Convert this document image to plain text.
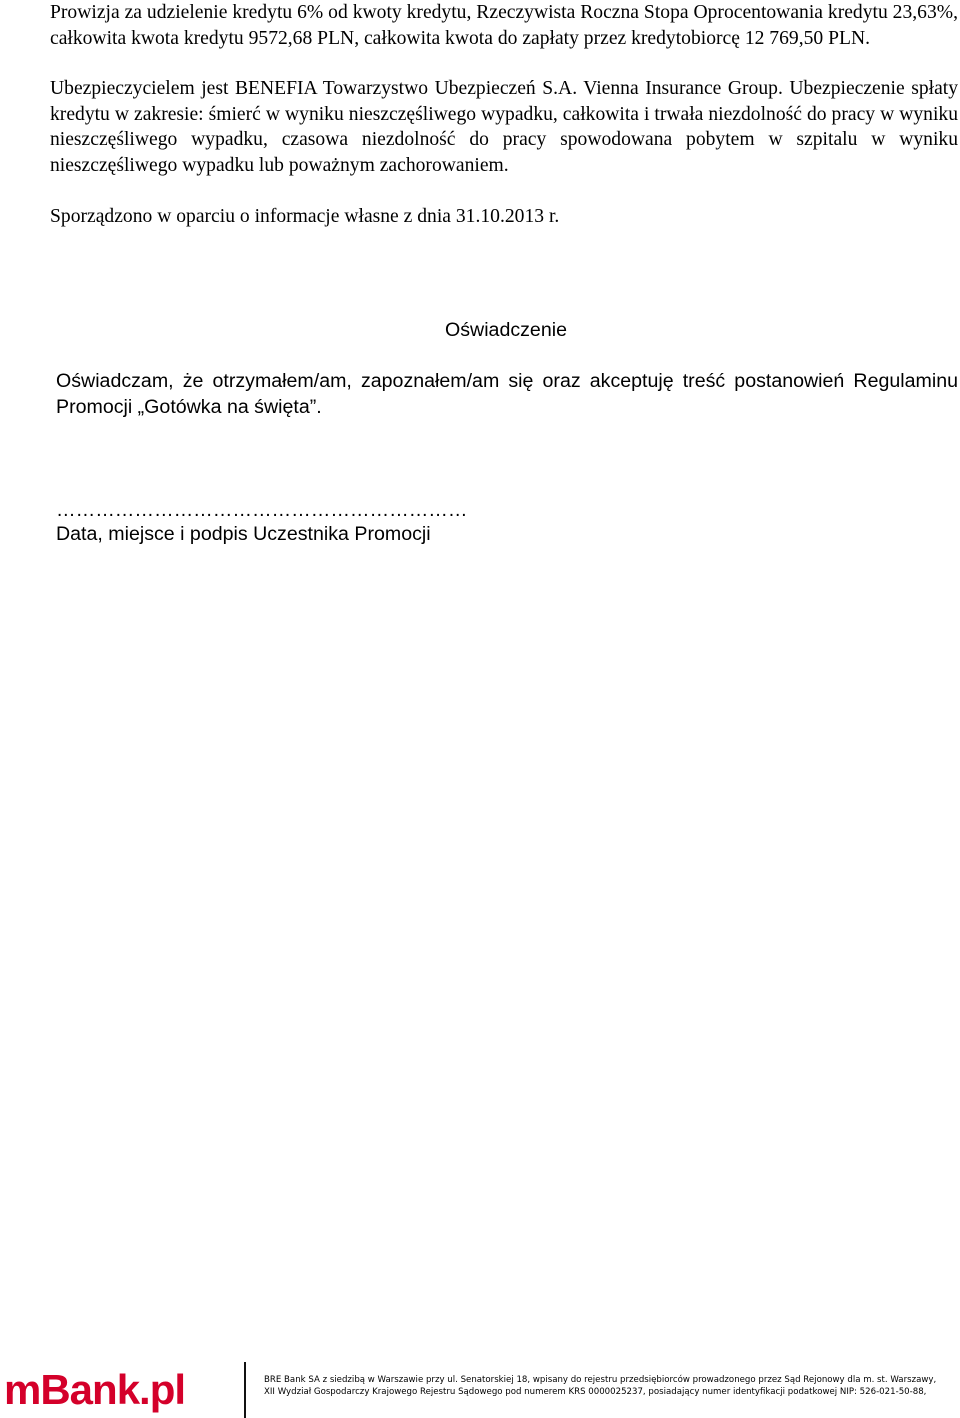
Prowizja za udzielenie kredytu 6% od kwoty kredytu, Rzeczywista Roczna Stopa Oprocentowania kredytu 23,63%, całkowita kwota kredytu 9572,68 PLN, całkowita kwota do zapłaty przez kredytobiorcę 12 769,50 PLN.

Ubezpieczycielem jest BENEFIA Towarzystwo Ubezpieczeń S.A. Vienna Insurance Group. Ubezpieczenie spłaty kredytu w zakresie: śmierć w wyniku nieszczęśliwego wypadku, całkowita i trwała niezdolność do pracy w wyniku nieszczęśliwego wypadku, czasowa niezdolność do pracy spowodowana pobytem w szpitalu w wyniku nieszczęśliwego wypadku lub poważnym zachorowaniem.

Sporządzono w oparciu o informacje własne z dnia 31.10.2013 r.

Oświadczenie

Oświadczam, że otrzymałem/am, zapoznałem/am się oraz akceptuję treść postanowień Regulaminu Promocji „Gotówka na święta”.

………………………………………………………

Data, miejsce i podpis Uczestnika Promocji

mBank.pl	BRE Bank SA z siedzibą w Warszawie przy ul. Senatorskiej 18, wpisany do rejestru przedsiębiorców prowadzonego przez Sąd Rejonowy dla m. st. Warszawy,
XII Wydział Gospodarczy Krajowego Rejestru Sądowego pod numerem KRS 0000025237, posiadający numer identyfikacji podatkowej NIP: 526-021-50-88,
